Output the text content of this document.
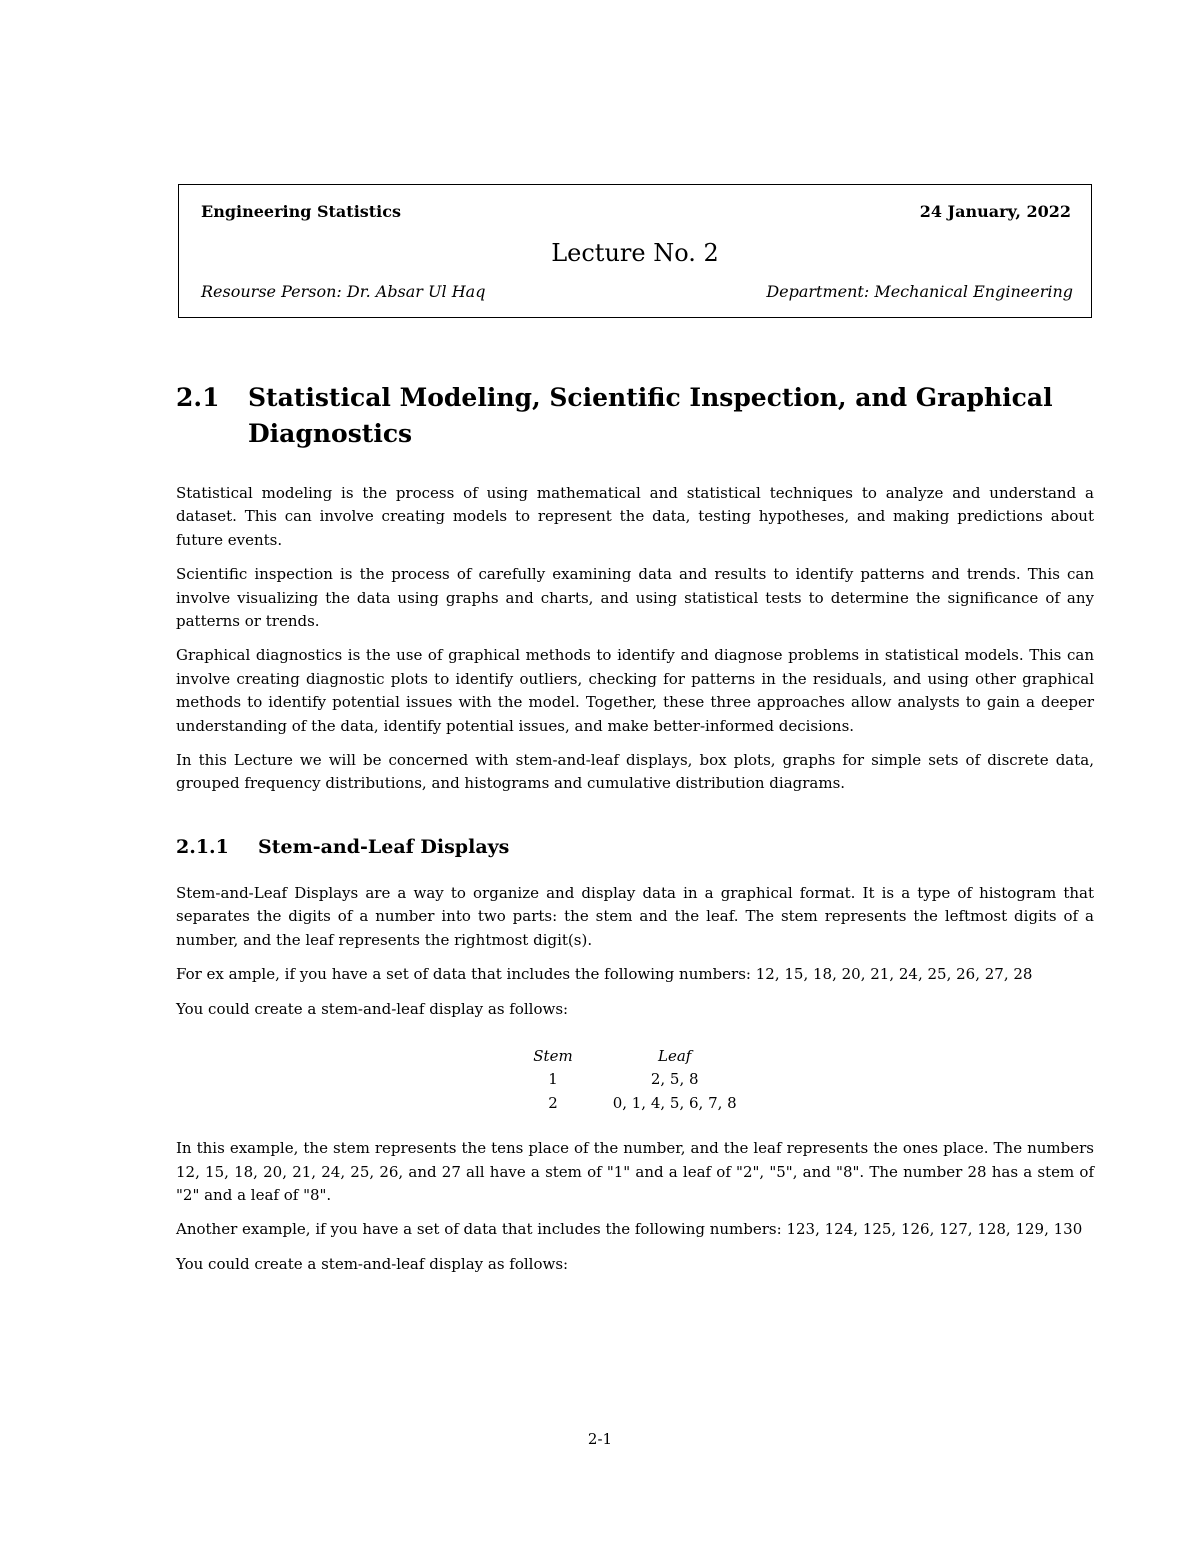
Engineering Statistics	24 January, 2022
Lecture No. 2
Resourse Person: Dr. Absar Ul Haq	Department: Mechanical Engineering
2.1	Statistical Modeling, Scientific Inspection, and Graphical Diagnostics

Statistical modeling is the process of using mathematical and statistical techniques to analyze and understand a dataset. This can involve creating models to represent the data, testing hypotheses, and making predictions about future events.

Scientific inspection is the process of carefully examining data and results to identify patterns and trends. This can involve visualizing the data using graphs and charts, and using statistical tests to determine the significance of any patterns or trends.

Graphical diagnostics is the use of graphical methods to identify and diagnose problems in statistical models. This can involve creating diagnostic plots to identify outliers, checking for patterns in the residuals, and using other graphical methods to identify potential issues with the model. Together, these three approaches allow analysts to gain a deeper understanding of the data, identify potential issues, and make better-informed decisions.

In this Lecture we will be concerned with stem-and-leaf displays, box plots, graphs for simple sets of discrete data, grouped frequency distributions, and histograms and cumulative distribution diagrams.

2.1.1	Stem-and-Leaf Displays

Stem-and-Leaf Displays are a way to organize and display data in a graphical format. It is a type of histogram that separates the digits of a number into two parts: the stem and the leaf. The stem represents the leftmost digits of a number, and the leaf represents the rightmost digit(s).

For ex ample, if you have a set of data that includes the following numbers: 12, 15, 18, 20, 21, 24, 25, 26, 27, 28

You could create a stem-and-leaf display as follows:

Stem	Leaf
1	2, 5, 8
2	0, 1, 4, 5, 6, 7, 8

In this example, the stem represents the tens place of the number, and the leaf represents the ones place. The numbers 12, 15, 18, 20, 21, 24, 25, 26, and 27 all have a stem of "1" and a leaf of "2", "5", and "8". The number 28 has a stem of "2" and a leaf of "8".

Another example, if you have a set of data that includes the following numbers: 123, 124, 125, 126, 127, 128, 129, 130

You could create a stem-and-leaf display as follows:

2-1
